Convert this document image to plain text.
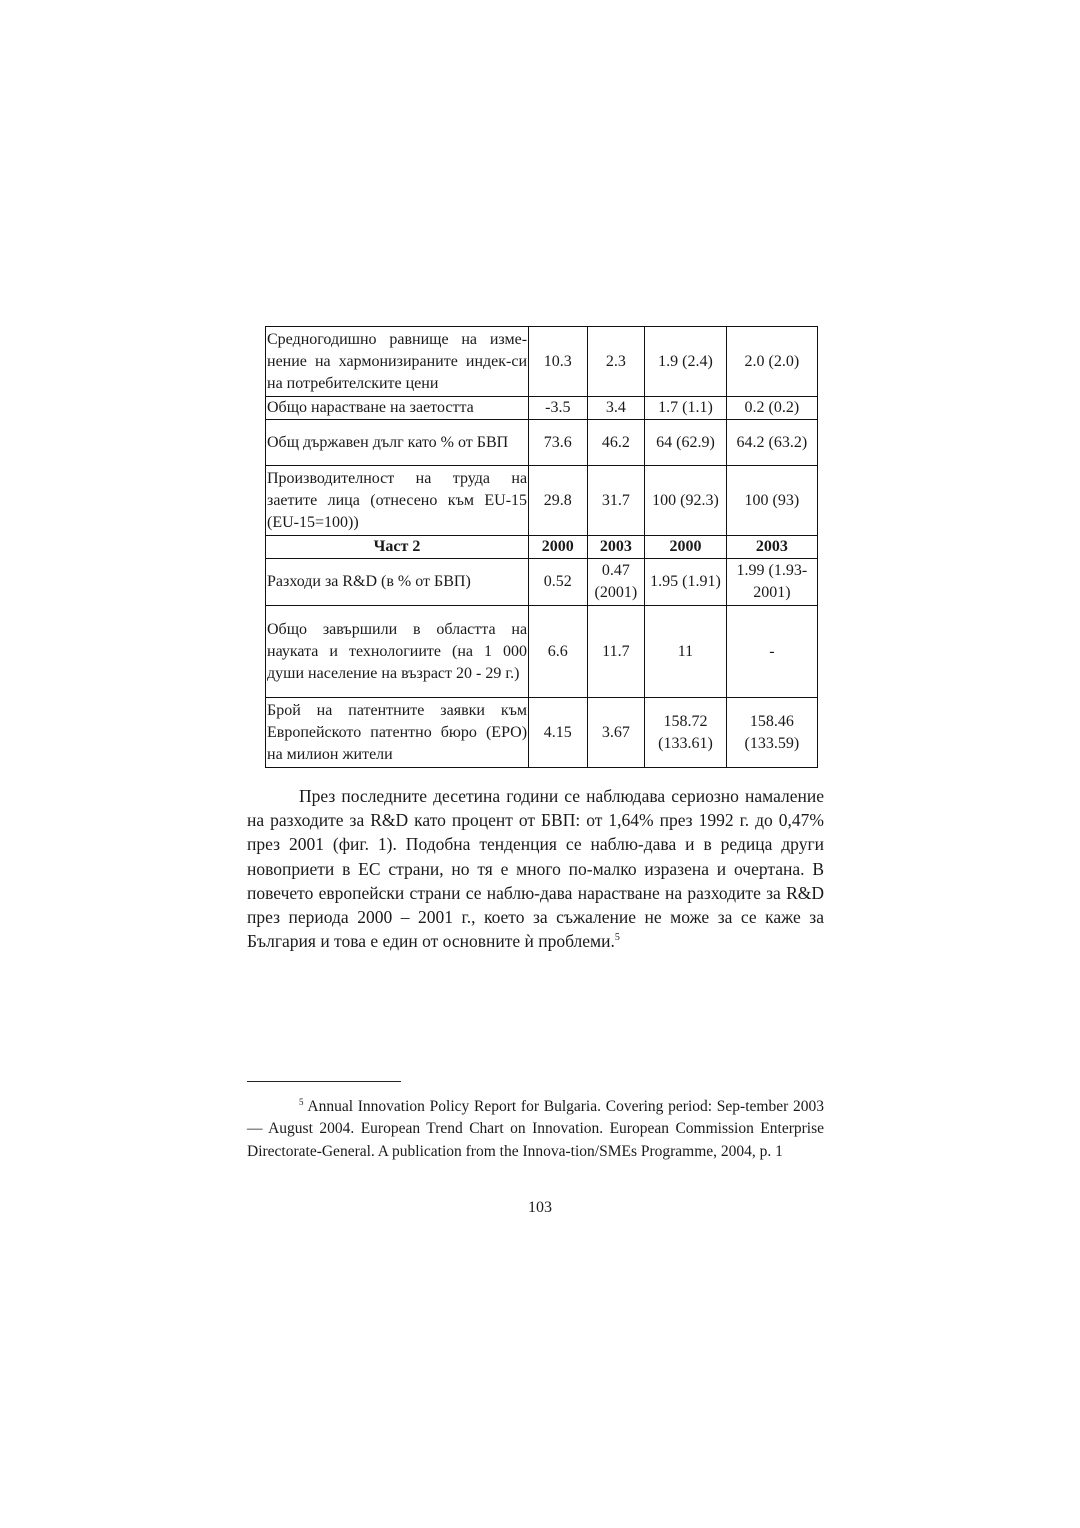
Средногодишно равнище на изме-нение на хармонизираните индек-си на потребителските цени	10.3	2.3	1.9 (2.4)	2.0 (2.0)
Общо нарастване на заетостта	-3.5	3.4	1.7 (1.1)	0.2 (0.2)
Общ държавен дълг като % от БВП	73.6	46.2	64 (62.9)	64.2 (63.2)
Производителност на труда на заетите лица (отнесено към EU-15 (EU-15=100))	29.8	31.7	100 (92.3)	100 (93)
Част 2	2000	2003	2000	2003
Разходи за R&D (в % от БВП)	0.52	0.47 (2001)	1.95 (1.91)	1.99 (1.93-2001)
Общо завършили в областта на науката и технологиите (на 1 000 души население на възраст 20 - 29 г.)	6.6	11.7	11	-
Брой на патентните заявки към Европейското патентно бюро (ЕРО) на милион жители	4.15	3.67	158.72 (133.61)	158.46 (133.59)

През последните десетина години се наблюдава сериозно намаление на разходите за R&D като процент от БВП: от 1,64% през 1992 г. до 0,47% през 2001 (фиг. 1). Подобна тенденция се наблю-дава и в редица други новоприети в ЕС страни, но тя е много по-малко изразена и очертана. В повечето европейски страни се наблю-дава нарастване на разходите за R&D през периода 2000 – 2001 г., което за съжаление не може за се каже за България и това е един от основните ѝ проблеми.$^5$

$^5$ Annual Innovation Policy Report for Bulgaria. Covering period: Sep-tember 2003 — August 2004. European Trend Chart on Innovation. European Commission Enterprise Directorate-General. A publication from the Innova-tion/SMEs Programme, 2004, p. 1

103
